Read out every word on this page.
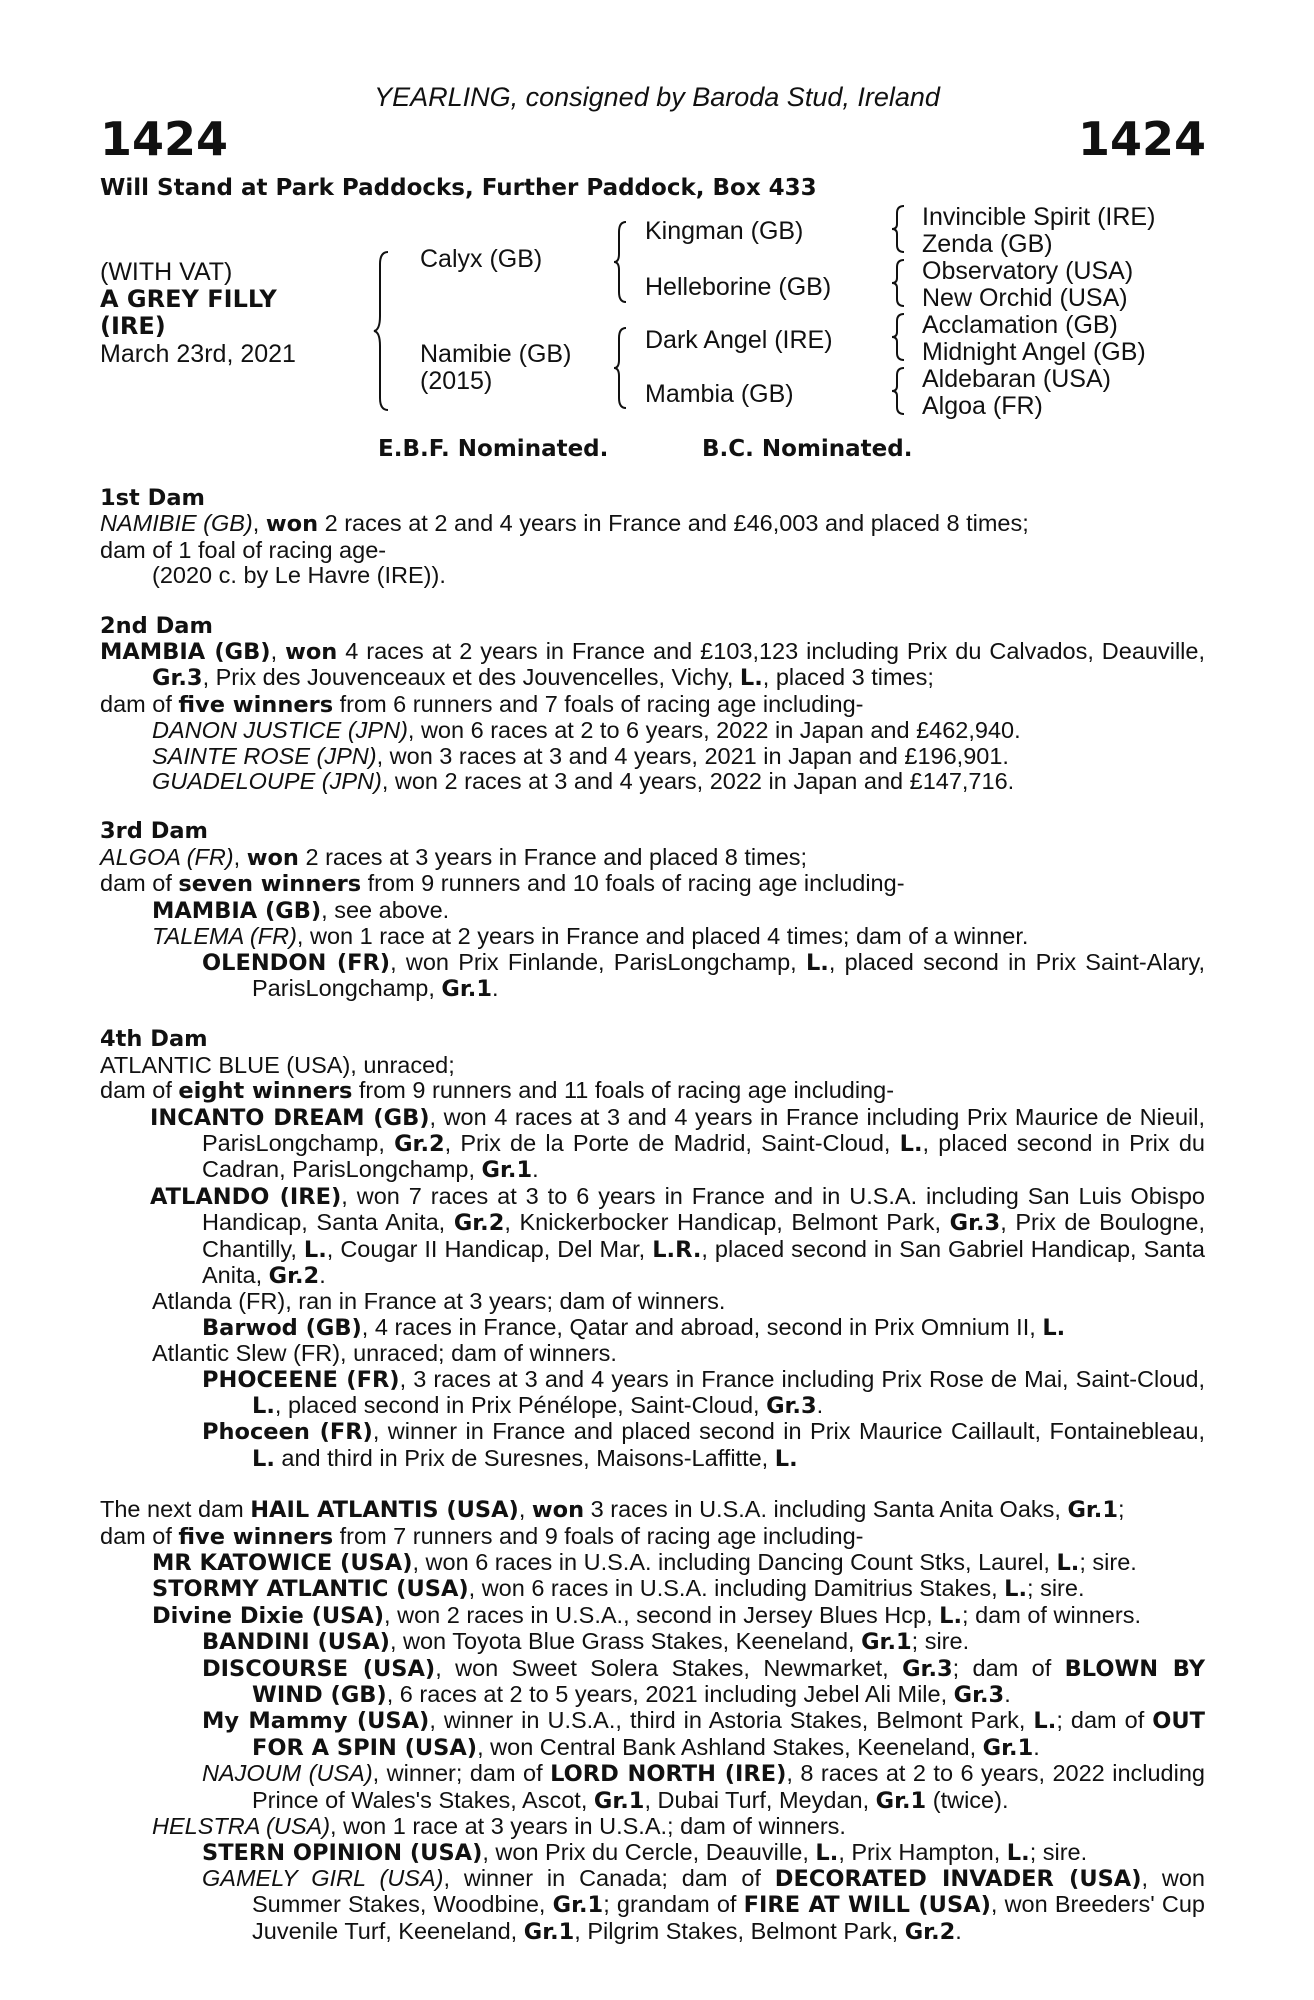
YEARLING, consigned by Baroda Stud, Ireland
1424	1424
Will Stand at Park Paddocks, Further Paddock, Box 433
(WITH VAT)
A GREY FILLY
(IRE)
March 23rd, 2021
Calyx (GB)
Namibie (GB)
(2015)
Kingman (GB)
Helleborine (GB)
Dark Angel (IRE)
Mambia (GB)
Invincible Spirit (IRE)
Zenda (GB)
Observatory (USA)
New Orchid (USA)
Acclamation (GB)
Midnight Angel (GB)
Aldebaran (USA)
Algoa (FR)
E.B.F. Nominated.	B.C. Nominated.

1st Dam

NAMIBIE (GB), won 2 races at 2 and 4 years in France and £46,003 and placed 8 times;

dam of 1 foal of racing age-

(2020 c. by Le Havre (IRE)).

2nd Dam

MAMBIA (GB), won 4 races at 2 years in France and £103,123 including Prix du Calvados, Deauville, Gr.3, Prix des Jouvenceaux et des Jouvencelles, Vichy, L., placed 3 times;

dam of five winners from 6 runners and 7 foals of racing age including-

DANON JUSTICE (JPN), won 6 races at 2 to 6 years, 2022 in Japan and £462,940.

SAINTE ROSE (JPN), won 3 races at 3 and 4 years, 2021 in Japan and £196,901.

GUADELOUPE (JPN), won 2 races at 3 and 4 years, 2022 in Japan and £147,716.

3rd Dam

ALGOA (FR), won 2 races at 3 years in France and placed 8 times;

dam of seven winners from 9 runners and 10 foals of racing age including-

MAMBIA (GB), see above.

TALEMA (FR), won 1 race at 2 years in France and placed 4 times; dam of a winner.

OLENDON (FR), won Prix Finlande, ParisLongchamp, L., placed second in Prix Saint-Alary, ParisLongchamp, Gr.1.

4th Dam

ATLANTIC BLUE (USA), unraced;

dam of eight winners from 9 runners and 11 foals of racing age including-

INCANTO DREAM (GB), won 4 races at 3 and 4 years in France including Prix Maurice de Nieuil, ParisLongchamp, Gr.2, Prix de la Porte de Madrid, Saint-Cloud, L., placed second in Prix du Cadran, ParisLongchamp, Gr.1.

ATLANDO (IRE), won 7 races at 3 to 6 years in France and in U.S.A. including San Luis Obispo Handicap, Santa Anita, Gr.2, Knickerbocker Handicap, Belmont Park, Gr.3, Prix de Boulogne, Chantilly, L., Cougar II Handicap, Del Mar, L.R., placed second in San Gabriel Handicap, Santa Anita, Gr.2.

Atlanda (FR), ran in France at 3 years; dam of winners.

Barwod (GB), 4 races in France, Qatar and abroad, second in Prix Omnium II, L.

Atlantic Slew (FR), unraced; dam of winners.

PHOCEENE (FR), 3 races at 3 and 4 years in France including Prix Rose de Mai, Saint-Cloud, L., placed second in Prix Pénélope, Saint-Cloud, Gr.3.

Phoceen (FR), winner in France and placed second in Prix Maurice Caillault, Fontainebleau, L. and third in Prix de Suresnes, Maisons-Laffitte, L.

The next dam HAIL ATLANTIS (USA), won 3 races in U.S.A. including Santa Anita Oaks, Gr.1;

dam of five winners from 7 runners and 9 foals of racing age including-

MR KATOWICE (USA), won 6 races in U.S.A. including Dancing Count Stks, Laurel, L.; sire.

STORMY ATLANTIC (USA), won 6 races in U.S.A. including Damitrius Stakes, L.; sire.

Divine Dixie (USA), won 2 races in U.S.A., second in Jersey Blues Hcp, L.; dam of winners.

BANDINI (USA), won Toyota Blue Grass Stakes, Keeneland, Gr.1; sire.

DISCOURSE (USA), won Sweet Solera Stakes, Newmarket, Gr.3; dam of BLOWN BY WIND (GB), 6 races at 2 to 5 years, 2021 including Jebel Ali Mile, Gr.3.

My Mammy (USA), winner in U.S.A., third in Astoria Stakes, Belmont Park, L.; dam of OUT FOR A SPIN (USA), won Central Bank Ashland Stakes, Keeneland, Gr.1.

NAJOUM (USA), winner; dam of LORD NORTH (IRE), 8 races at 2 to 6 years, 2022 including Prince of Wales's Stakes, Ascot, Gr.1, Dubai Turf, Meydan, Gr.1 (twice).

HELSTRA (USA), won 1 race at 3 years in U.S.A.; dam of winners.

STERN OPINION (USA), won Prix du Cercle, Deauville, L., Prix Hampton, L.; sire.

GAMELY GIRL (USA), winner in Canada; dam of DECORATED INVADER (USA), won Summer Stakes, Woodbine, Gr.1; grandam of FIRE AT WILL (USA), won Breeders' Cup Juvenile Turf, Keeneland, Gr.1, Pilgrim Stakes, Belmont Park, Gr.2.
